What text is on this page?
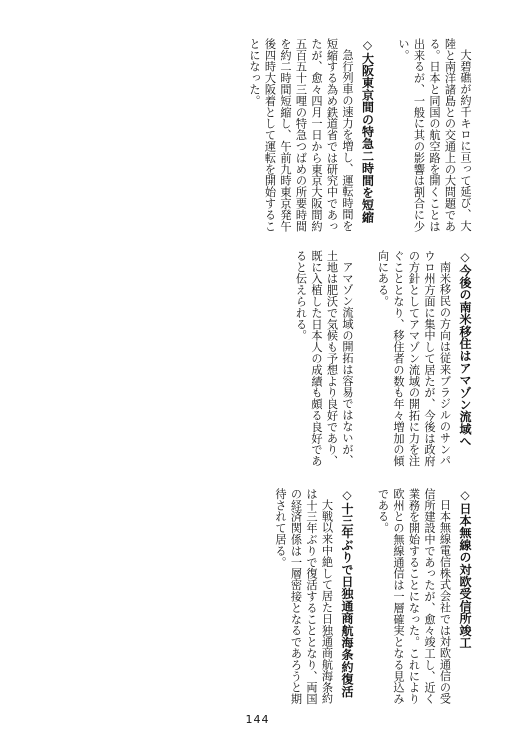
大碧礁が約千キロに亘って延び、大陸と南洋諸島との交通上の大問題である。日本と同国の航空路を開くことは出来るが、一般に其の影響は割合に少い。

◇大阪東京間の特急二時間を短縮

急行列車の速力を増し、運転時間を短縮する為め鉄道省では研究中であったが、愈々四月一日から東京大阪間約五百五十三哩の特急つばめの所要時間を約二時間短縮し、午前九時東京発午後四時大阪着として運転を開始することになった。

◇今後の南米移住はアマゾン流域へ

南米移民の方向は従来ブラジルのサンパウロ州方面に集中して居たが、今後は政府の方針としてアマゾン流域の開拓に力を注ぐこととなり、移住者の数も年々増加の傾向にある。

アマゾン流域の開拓は容易ではないが、土地は肥沃で気候も予想より良好であり、既に入植した日本人の成績も頗る良好であると伝えられる。

◇日本無線の対欧受信所竣工

日本無線電信株式会社では対欧通信の受信所建設中であったが、愈々竣工し、近く業務を開始することになった。これにより欧州との無線通信は一層確実となる見込みである。

◇十三年ぶりで日独通商航海条約復活

大戦以来中絶して居た日独通商航海条約は十三年ぶりで復活することとなり、両国の経済関係は一層密接となるであろうと期待されて居る。

144
